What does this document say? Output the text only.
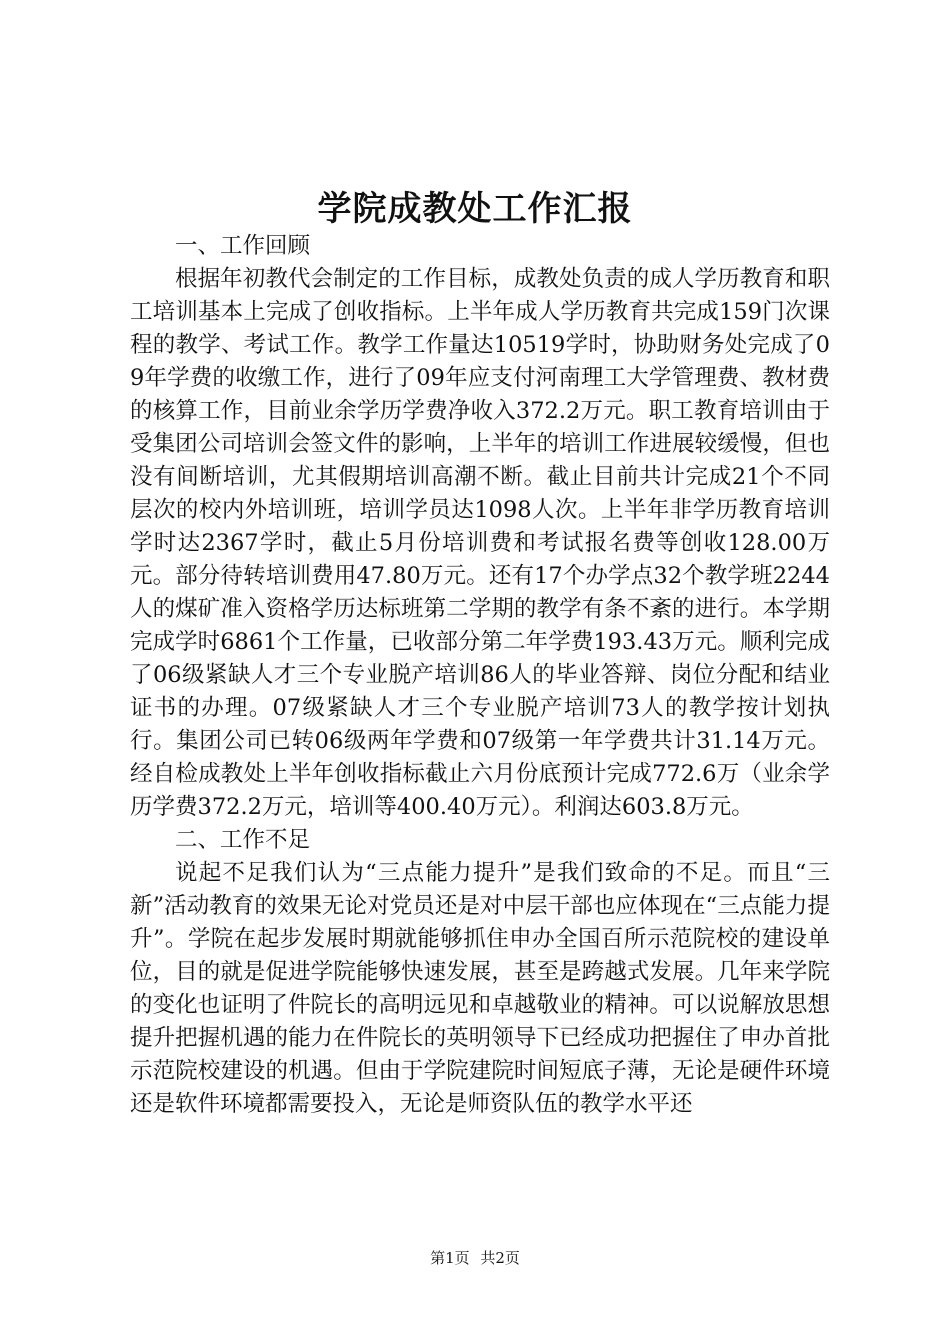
学院成教处工作汇报

一、工作回顾

根据年初教代会制定的工作目标，成教处负责的成人学历教育和职工培训基本上完成了创收指标。上半年成人学历教育共完成159门次课程的教学、考试工作。教学工作量达10519学时，协助财务处完成了09年学费的收缴工作，进行了09年应支付河南理工大学管理费、教材费的核算工作，目前业余学历学费净收入372.2万元。职工教育培训由于受集团公司培训会签文件的影响，上半年的培训工作进展较缓慢，但也没有间断培训，尤其假期培训高潮不断。截止目前共计完成21个不同层次的校内外培训班，培训学员达1098人次。上半年非学历教育培训学时达2367学时，截止5月份培训费和考试报名费等创收128.00万元。部分待转培训费用47.80万元。还有17个办学点32个教学班2244人的煤矿准入资格学历达标班第二学期的教学有条不紊的进行。本学期完成学时6861个工作量，已收部分第二年学费193.43万元。顺利完成了06级紧缺人才三个专业脱产培训86人的毕业答辩、岗位分配和结业证书的办理。07级紧缺人才三个专业脱产培训73人的教学按计划执行。集团公司已转06级两年学费和07级第一年学费共计31.14万元。经自检成教处上半年创收指标截止六月份底预计完成772.6万（业余学历学费372.2万元，培训等400.40万元）。利润达603.8万元。

二、工作不足

说起不足我们认为“三点能力提升”是我们致命的不足。而且“三新”活动教育的效果无论对党员还是对中层干部也应体现在“三点能力提升”。学院在起步发展时期就能够抓住申办全国百所示范院校的建设单位，目的就是促进学院能够快速发展，甚至是跨越式发展。几年来学院的变化也证明了件院长的高明远见和卓越敬业的精神。可以说解放思想提升把握机遇的能力在件院长的英明领导下已经成功把握住了申办首批示范院校建设的机遇。但由于学院建院时间短底子薄，无论是硬件环境还是软件环境都需要投入，无论是师资队伍的教学水平还

第1页 共2页
